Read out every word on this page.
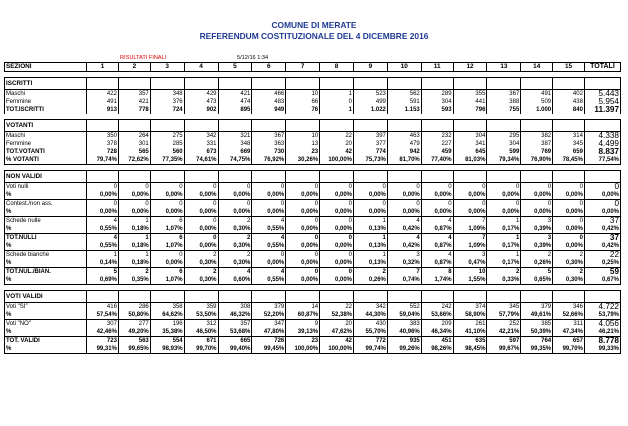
COMUNE DI MERATE
REFERENDUM COSTITUZIONALE DEL 4 DICEMBRE 2016
RISULTATI FINALI	5/12/16 1:34
SEZIONI	1	2	3	4	5	6	7	8	9	10	11	12	13	14	15	TOTALI

ISCRITTI																
Maschi	422	357	348	429	421	466	10	1	523	562	289	355	367	491	402	5.443
Femmine	491	421	376	473	474	483	66	0	499	591	304	441	388	509	438	5.954
TOT.ISCRITTI	913	778	724	902	895	949	76	1	1.022	1.153	593	796	755	1.000	840	11.397

VOTANTI																
Maschi	350	264	275	342	321	367	10	22	397	463	232	304	295	382	314	4.338
Femmine	378	301	285	331	348	363	13	20	377	479	227	341	304	387	345	4.499
TOT.VOTANTI	728	565	560	673	669	730	23	42	774	942	459	645	599	769	659	8.837
% VOTANTI	79,74%	72,62%	77,35%	74,61%	74,75%	76,92%	30,26%	100,00%	75,73%	81,70%	77,40%	81,03%	79,34%	76,90%	78,45%	77,54%

NON VALIDI																
Voti nulli	0	0	0	0	0	0	0	0	0	0	0	0	0	0	0	0
%	0,00%	0,00%	0,00%	0,00%	0,00%	0,00%	0,00%	0,00%	0,00%	0,00%	0,00%	0,00%	0,00%	0,00%	0,00%	0,00%
Contest./non ass.	0	0	0	0	0	0	0	0	0	0	0	0	0	0	0	0
%	0,00%	0,00%	0,00%	0,00%	0,00%	0,00%	0,00%	0,00%	0,00%	0,00%	0,00%	0,00%	0,00%	0,00%	0,00%	0,00%
Schede nulle	4	1	6	0	2	4	0	0	1	4	4	7	1	3	0	37
%	0,55%	0,18%	1,07%	0,00%	0,30%	0,55%	0,00%	0,00%	0,13%	0,42%	0,87%	1,09%	0,17%	0,39%	0,00%	0,42%
TOT.NULLI	4	1	6	0	2	4	0	0	1	4	4	7	1	3	0	37
%	0,55%	0,18%	1,07%	0,00%	0,30%	0,55%	0,00%	0,00%	0,13%	0,42%	0,87%	1,09%	0,17%	0,39%	0,00%	0,42%
Schede bianche	1	1	0	2	2	0	0	0	1	3	4	3	1	2	2	22
%	0,14%	0,18%	0,00%	0,30%	0,30%	0,00%	0,00%	0,00%	0,13%	0,32%	0,87%	0,47%	0,17%	0,26%	0,30%	0,25%
TOT.NUL./BIAN.	5	2	6	2	4	4	0	0	2	7	8	10	2	5	2	59
%	0,69%	0,35%	1,07%	0,30%	0,60%	0,55%	0,00%	0,00%	0,26%	0,74%	1,74%	1,55%	0,33%	0,65%	0,30%	0,67%

VOTI VALIDI																
Voti "SI"	416	286	358	359	308	379	14	22	342	552	242	374	345	379	346	4.722
%	57,54%	50,80%	64,62%	53,50%	46,32%	52,20%	60,87%	52,38%	44,30%	59,04%	53,66%	58,90%	57,79%	49,61%	52,66%	53,79%
Voti "NO"	307	277	196	312	357	347	9	20	430	383	209	261	252	385	311	4.056
%	42,46%	49,20%	35,38%	46,50%	53,68%	47,80%	39,13%	47,62%	55,70%	40,96%	46,34%	41,10%	42,21%	50,39%	47,34%	46,21%
TOT. VALIDI	723	563	554	671	665	726	23	42	772	935	451	635	597	764	657	8.778
%	99,31%	99,65%	98,93%	99,70%	99,40%	99,45%	100,00%	100,00%	99,74%	99,26%	98,26%	98,45%	99,67%	99,35%	99,70%	99,33%
